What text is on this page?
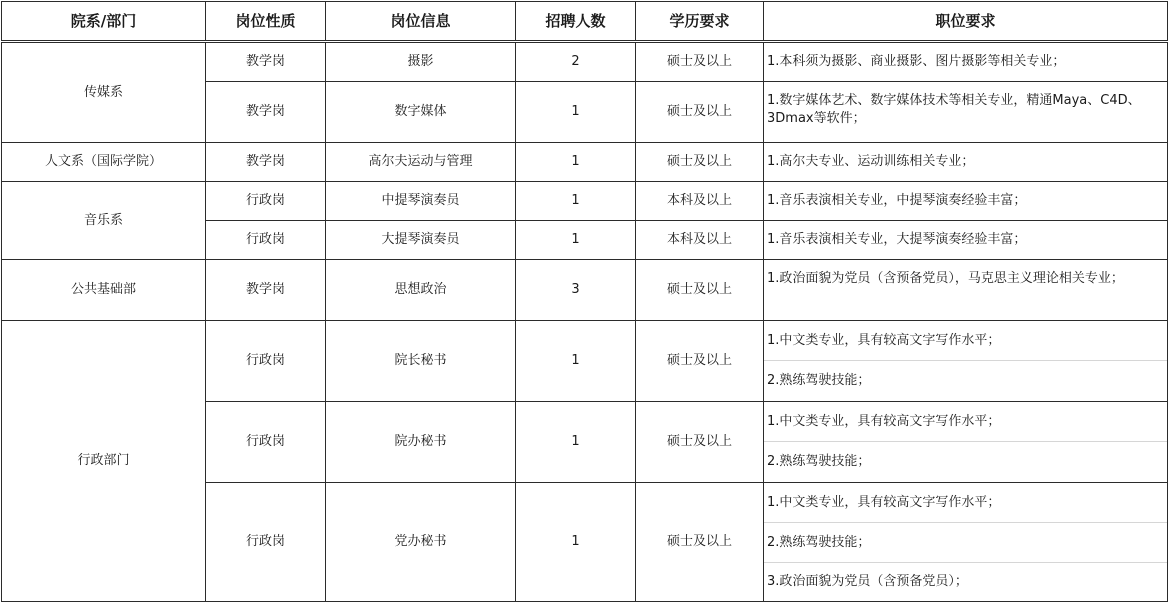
院系/部门	岗位性质	岗位信息	招聘人数	学历要求	职位要求
传媒系	教学岗	摄影	2	硕士及以上	1.本科须为摄影、商业摄影、图片摄影等相关专业；

	教学岗	数字媒体	1	硕士及以上	1.数字媒体艺术、数字媒体技术等相关专业，精通Maya、C4D、3Dmax等软件；

人文系（国际学院）	教学岗	高尔夫运动与管理	1	硕士及以上	1.高尔夫专业、运动训练相关专业；

音乐系	行政岗	中提琴演奏员	1	本科及以上	1.音乐表演相关专业，中提琴演奏经验丰富；

	行政岗	大提琴演奏员	1	本科及以上	1.音乐表演相关专业，大提琴演奏经验丰富；

公共基础部	教学岗	思想政治	3	硕士及以上	1.政治面貌为党员（含预备党员），马克思主义理论相关专业；

行政部门	行政岗	院长秘书	1	硕士及以上	1.中文类专业，具有较高文字写作水平；
2.熟练驾驶技能；

	行政岗	院办秘书	1	硕士及以上	1.中文类专业，具有较高文字写作水平；
2.熟练驾驶技能；

	行政岗	党办秘书	1	硕士及以上	1.中文类专业，具有较高文字写作水平；
2.熟练驾驶技能；
3.政治面貌为党员（含预备党员）；
